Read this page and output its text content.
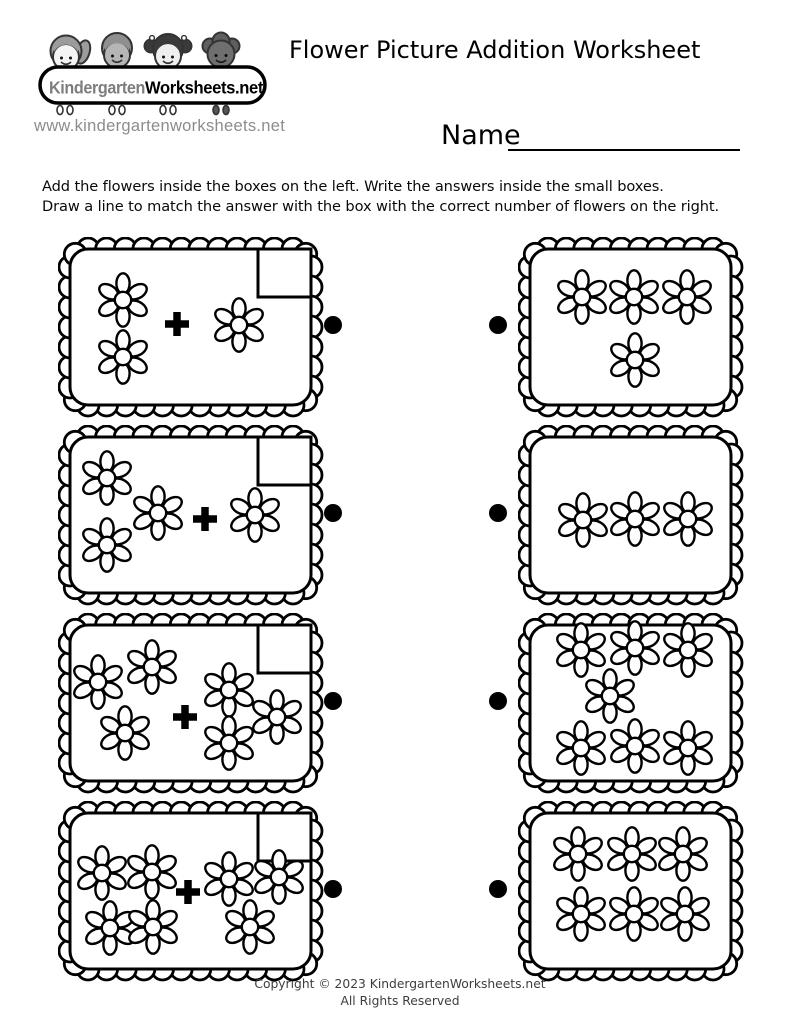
KindergartenWorksheets.net
www.kindergartenworksheets.net
Flower Picture Addition Worksheet
Name
Add the flowers inside the boxes on the left. Write the answers inside the small boxes.
Draw a line to match the answer with the box with the correct number of flowers on the right.
Copyright © 2023 KindergartenWorksheets.net
All Rights Reserved
